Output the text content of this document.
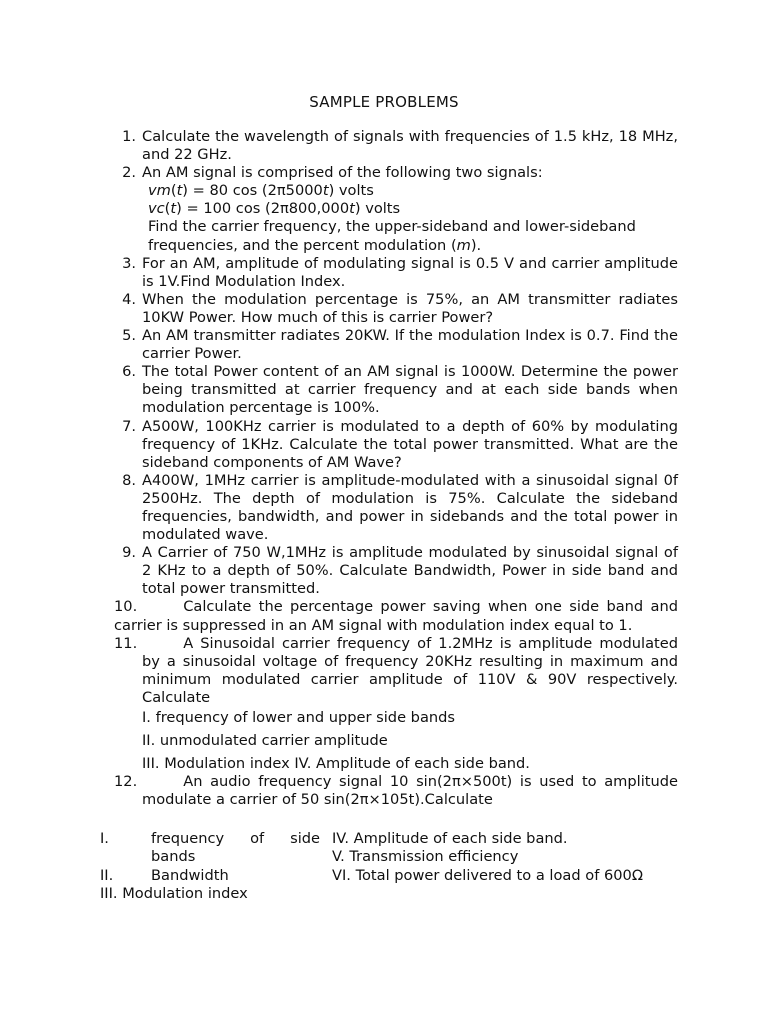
SAMPLE PROBLEMS
1. Calculate the wavelength of signals with frequencies of 1.5 kHz, 18 MHz, and 22 GHz.
2. An AM signal is comprised of the following two signals:
vm(t) = 80 cos (2π5000t) volts
vc(t) = 100 cos (2π800,000t) volts

Find the carrier frequency, the upper-sideband and lower-sideband frequencies, and the percent modulation (m).
3. For an AM, amplitude of modulating signal is 0.5 V and carrier amplitude is 1V.Find Modulation Index.
4. When the modulation percentage is 75%, an AM transmitter radiates 10KW Power. How much of this is carrier Power?
5. An AM transmitter radiates 20KW. If the modulation Index is 0.7. Find the carrier Power.
6. The total Power content of an AM signal is 1000W. Determine the power being transmitted at carrier frequency and at each side bands when modulation percentage is 100%.
7. A500W, 100KHz carrier is modulated to a depth of 60% by modulating frequency of 1KHz. Calculate the total power transmitted. What are the sideband components of AM Wave?
8. A400W, 1MHz carrier is amplitude-modulated with a sinusoidal signal 0f 2500Hz. The depth of modulation is 75%. Calculate the sideband frequencies, bandwidth, and power in sidebands and the total power in modulated wave.
9. A Carrier of 750 W,1MHz is amplitude modulated by sinusoidal signal of 2 KHz to a depth of 50%. Calculate Bandwidth, Power in side band and total power transmitted.
10.	Calculate the percentage power saving when one side band and carrier is suppressed in an AM signal with modulation index equal to 1.
11.	A Sinusoidal carrier frequency of 1.2MHz is amplitude modulated by a sinusoidal voltage of frequency 20KHz resulting in maximum and minimum modulated carrier amplitude of 110V & 90V respectively. Calculate
I. frequency of lower and upper side bands
II. unmodulated carrier amplitude
III. Modulation index IV. Amplitude of each side band.
12.	An audio frequency signal 10 sin(2π×500t) is used to amplitude modulate a carrier of 50 sin(2π×105t).Calculate
I.	frequency of side
bands
II.	Bandwidth
III. Modulation index
IV. Amplitude of each side band.
V. Transmission efficiency
VI. Total power delivered to a load of 600Ω
